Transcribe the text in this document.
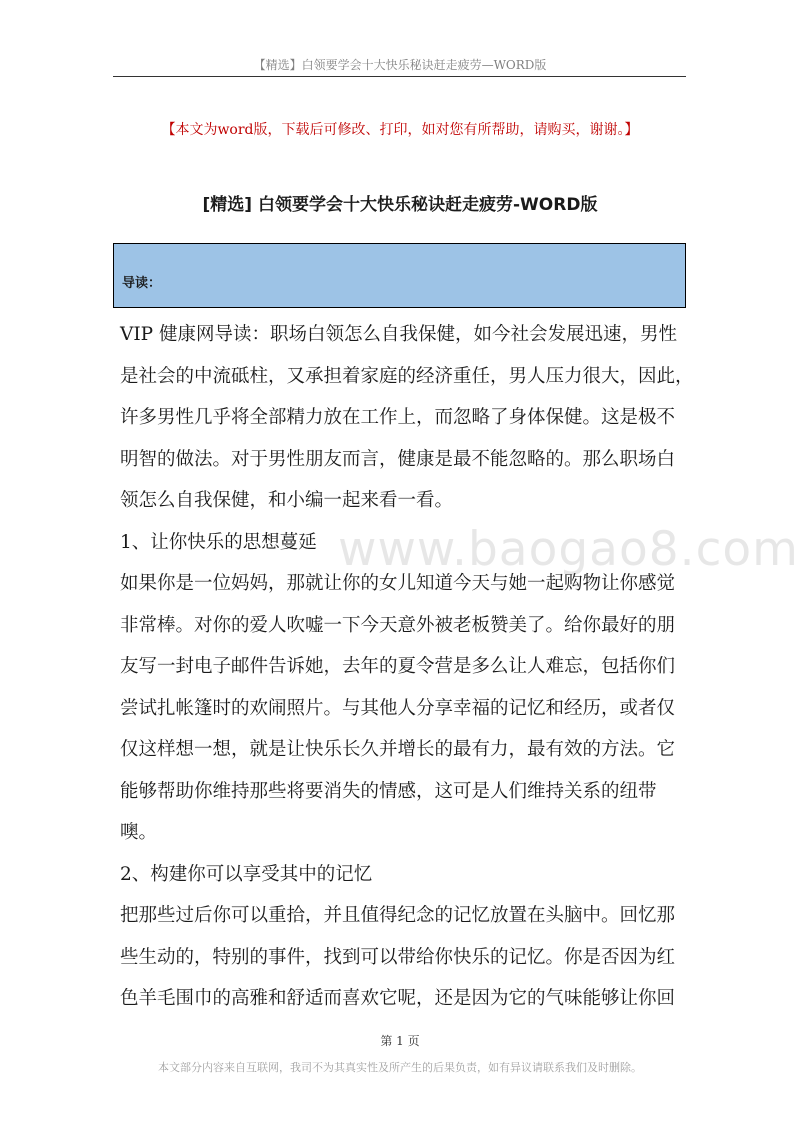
【精选】白领要学会十大快乐秘诀赶走疲劳—WORD版
【本文为word版，下载后可修改、打印，如对您有所帮助，请购买，谢谢。】
[精选] 白领要学会十大快乐秘诀赶走疲劳-WORD版
导读：
VIP 健康网导读：职场白领怎么自我保健，如今社会发展迅速，男性
是社会的中流砥柱，又承担着家庭的经济重任，男人压力很大，因此，
许多男性几乎将全部精力放在工作上，而忽略了身体保健。这是极不
明智的做法。对于男性朋友而言，健康是最不能忽略的。那么职场白
领怎么自我保健，和小编一起来看一看。
1、让你快乐的思想蔓延
如果你是一位妈妈，那就让你的女儿知道今天与她一起购物让你感觉
非常棒。对你的爱人吹嘘一下今天意外被老板赞美了。给你最好的朋
友写一封电子邮件告诉她，去年的夏令营是多么让人难忘，包括你们
尝试扎帐篷时的欢闹照片。与其他人分享幸福的记忆和经历，或者仅
仅这样想一想，就是让快乐长久并增长的最有力，最有效的方法。它
能够帮助你维持那些将要消失的情感，这可是人们维持关系的纽带
噢。
2、构建你可以享受其中的记忆
把那些过后你可以重拾，并且值得纪念的记忆放置在头脑中。回忆那
些生动的，特别的事件，找到可以带给你快乐的记忆。你是否因为红
色羊毛围巾的高雅和舒适而喜欢它呢，还是因为它的气味能够让你回
www.baogao8.com
第 1 页
本文部分内容来自互联网，我司不为其真实性及所产生的后果负责，如有异议请联系我们及时删除。
